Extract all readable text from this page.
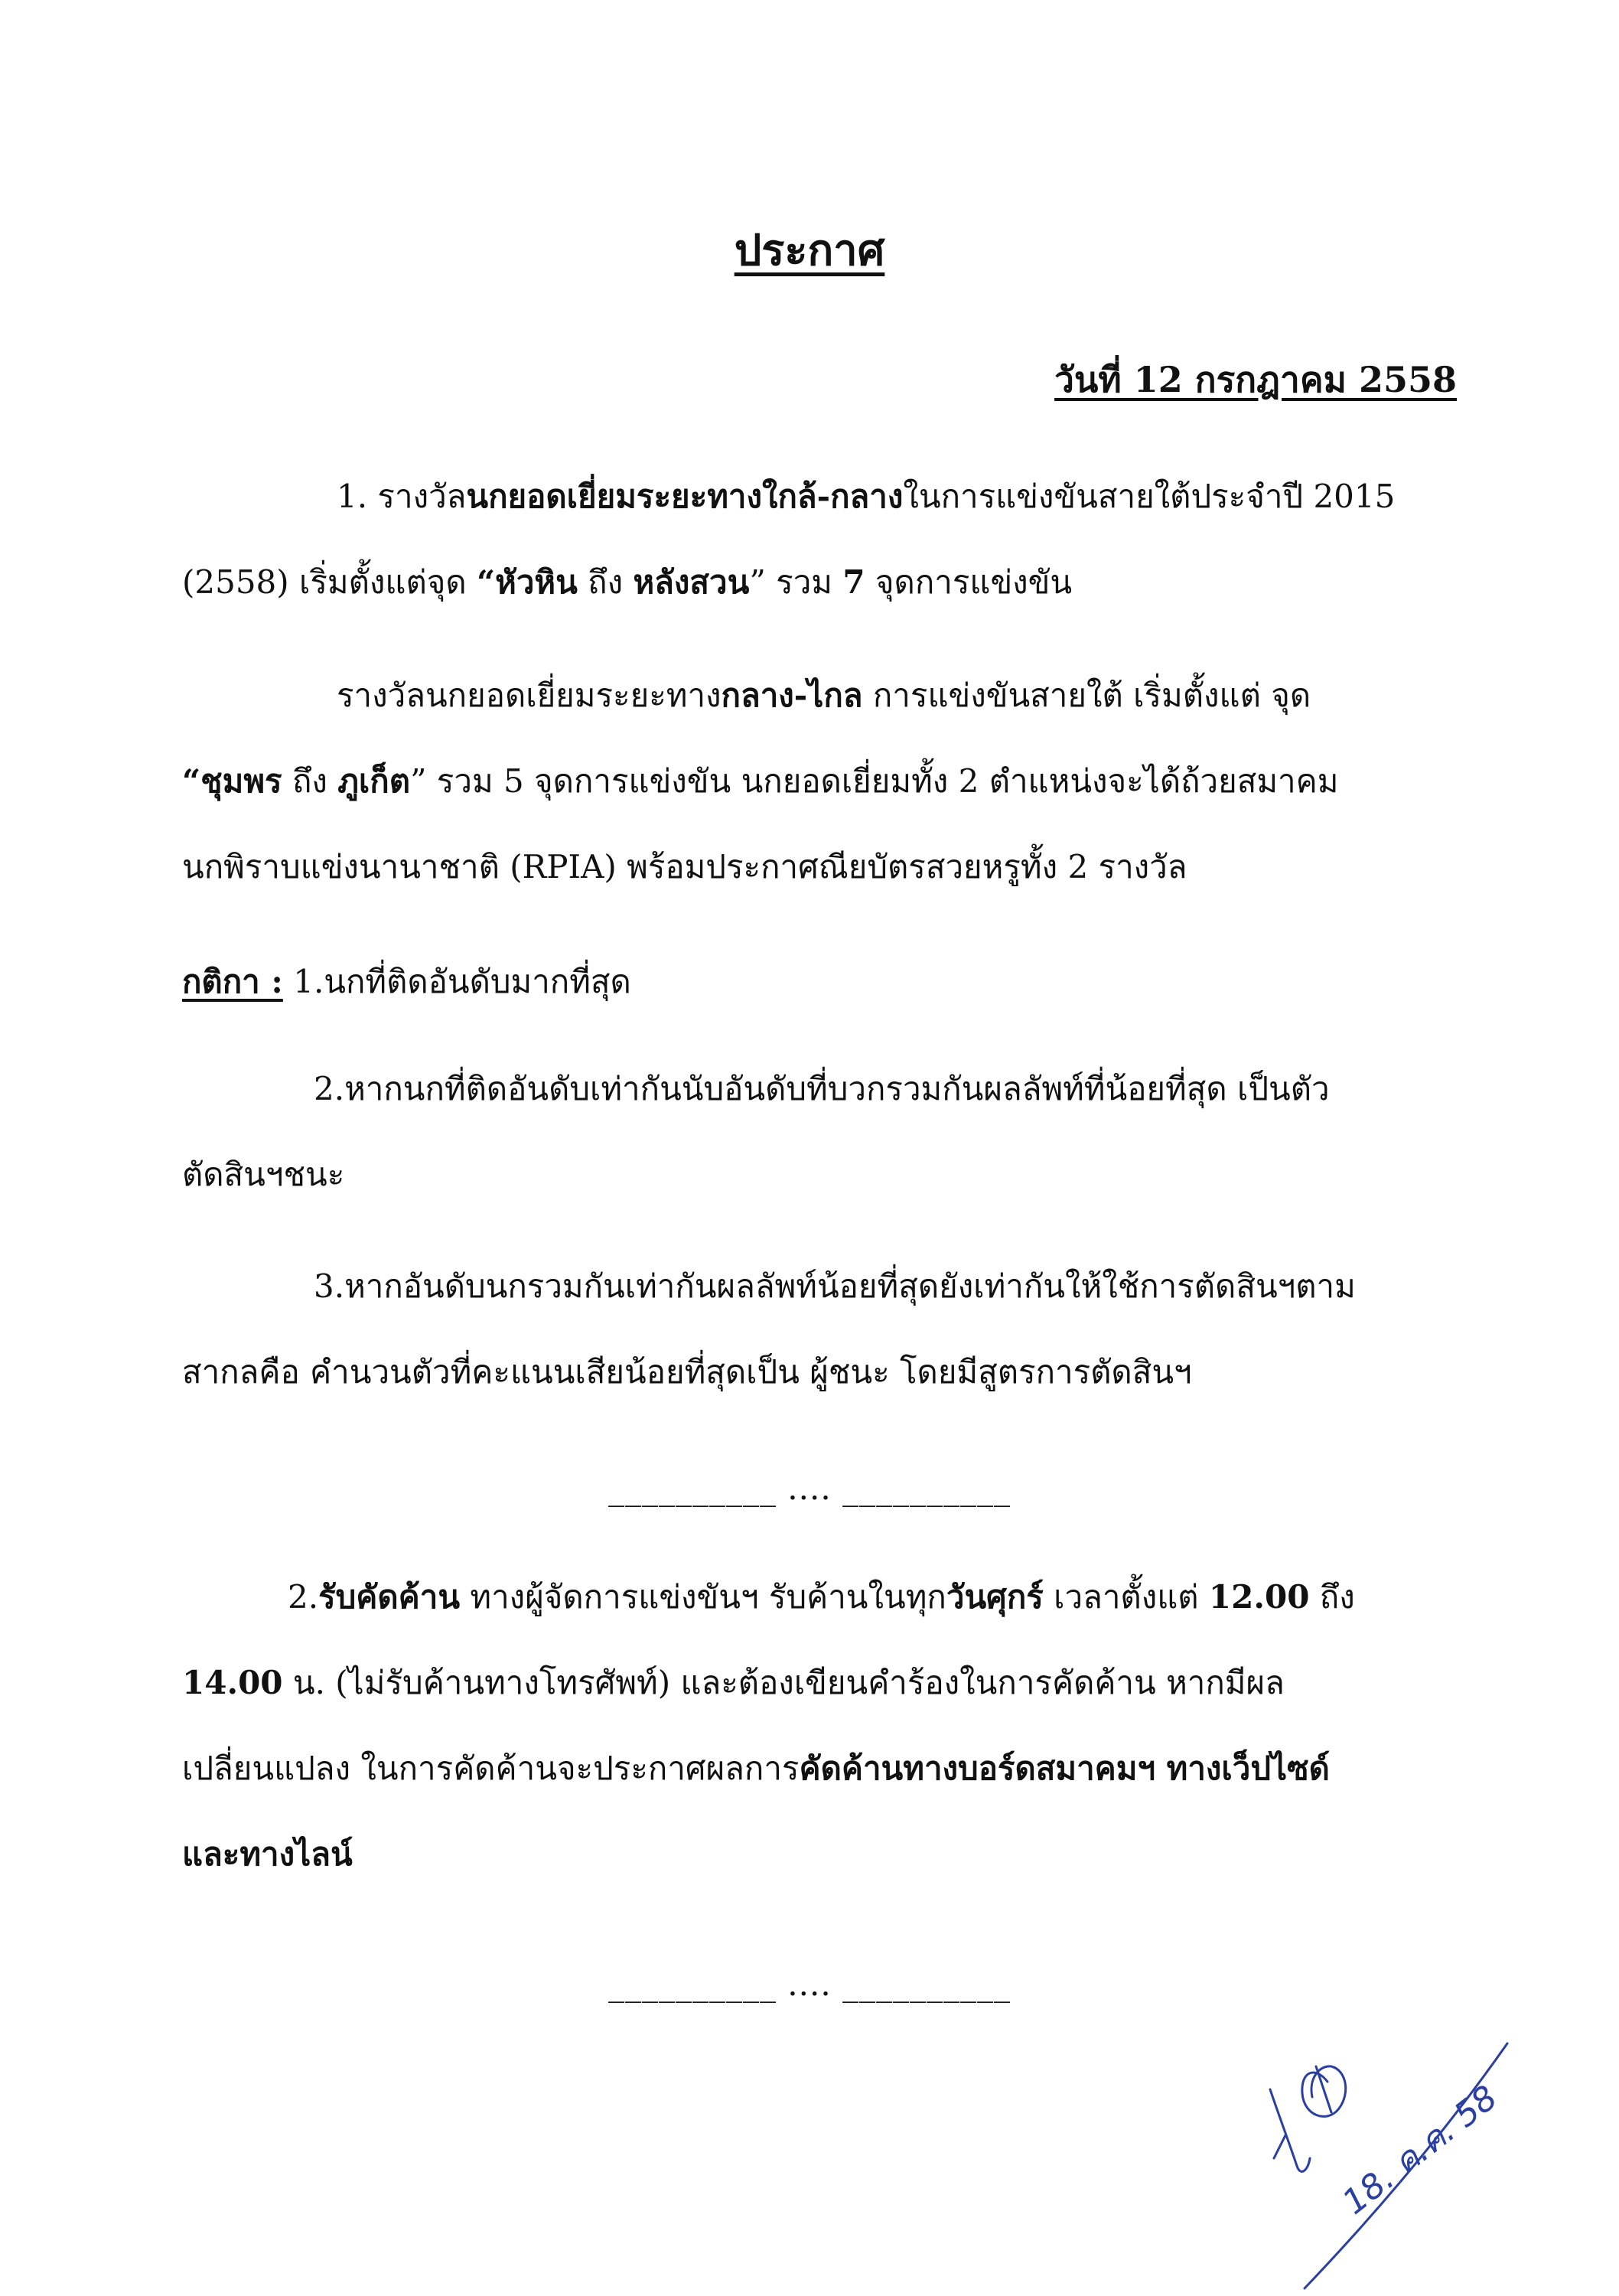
ประกาศ
วันที่ 12 กรกฎาคม 2558
1. รางวัลนกยอดเยี่ยมระยะทางใกล้-กลางในการแข่งขันสายใต้ประจำปี 2015
(2558) เริ่มตั้งแต่จุด “หัวหิน ถึง หลังสวน” รวม 7 จุดการแข่งขัน
รางวัลนกยอดเยี่ยมระยะทางกลาง-ไกล การแข่งขันสายใต้ เริ่มตั้งแต่ จุด
“ชุมพร ถึง ภูเก็ต” รวม 5 จุดการแข่งขัน นกยอดเยี่ยมทั้ง 2 ตำแหน่งจะได้ถ้วยสมาคม
นกพิราบแข่งนานาชาติ (RPIA) พร้อมประกาศณียบัตรสวยหรูทั้ง 2 รางวัล
กติกา : 1.นกที่ติดอันดับมากที่สุด
2.หากนกที่ติดอันดับเท่ากันนับอันดับที่บวกรวมกันผลลัพท์ที่น้อยที่สุด เป็นตัว
ตัดสินฯชนะ
3.หากอันดับนกรวมกันเท่ากันผลลัพท์น้อยที่สุดยังเท่ากันให้ใช้การตัดสินฯตาม
สากลคือ คำนวนตัวที่คะแนนเสียน้อยที่สุดเป็น ผู้ชนะ โดยมีสูตรการตัดสินฯ
__________ .... __________
2.รับคัดค้าน ทางผู้จัดการแข่งขันฯ รับค้านในทุกวันศุกร์ เวลาตั้งแต่ 12.00 ถึง
14.00 น. (ไม่รับค้านทางโทรศัพท์) และต้องเขียนคำร้องในการคัดค้าน หากมีผล
เปลี่ยนแปลง ในการคัดค้านจะประกาศผลการคัดค้านทางบอร์ดสมาคมฯ ทางเว็ปไซด์
และทางไลน์
__________ .... __________
18. ค.ค. 58
